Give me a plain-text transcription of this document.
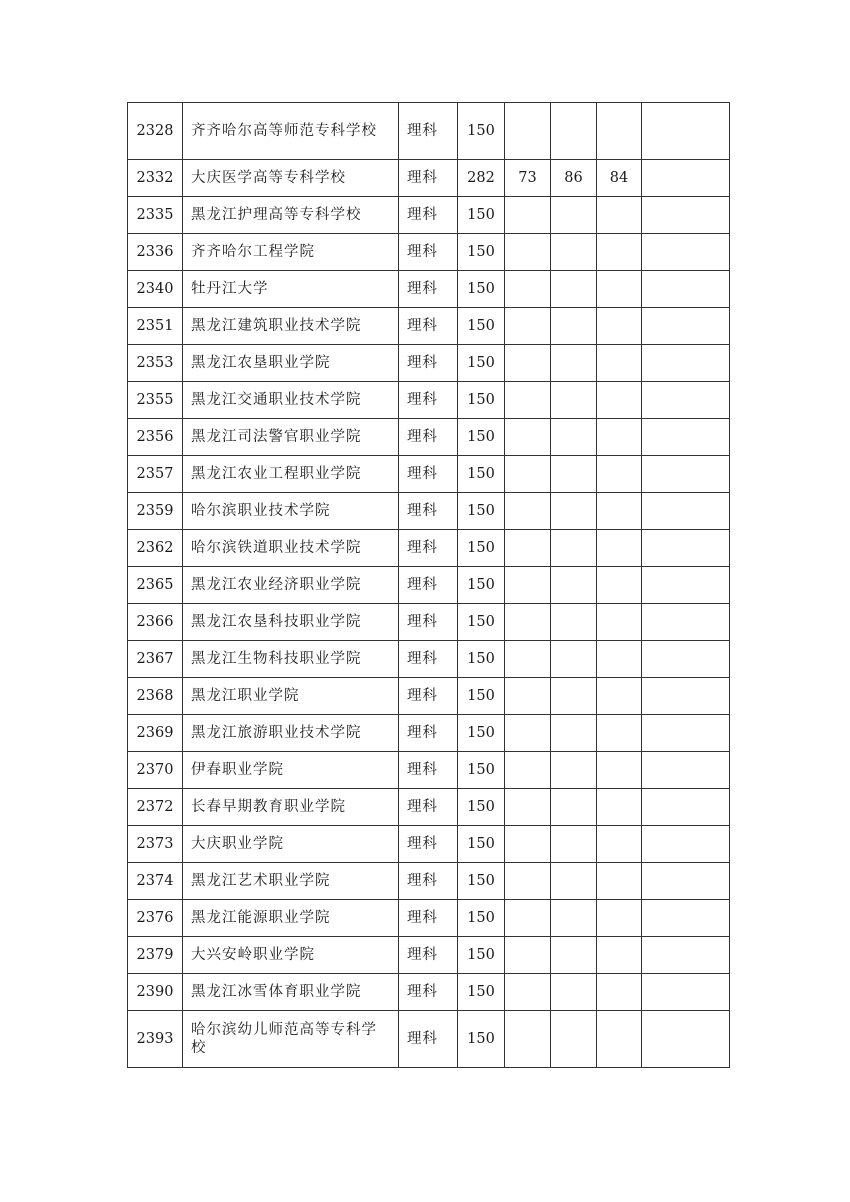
2328	齐齐哈尔高等师范专科学校	理科	150				
2332	大庆医学高等专科学校	理科	282	73	86	84	
2335	黑龙江护理高等专科学校	理科	150				
2336	齐齐哈尔工程学院	理科	150				
2340	牡丹江大学	理科	150				
2351	黑龙江建筑职业技术学院	理科	150				
2353	黑龙江农垦职业学院	理科	150				
2355	黑龙江交通职业技术学院	理科	150				
2356	黑龙江司法警官职业学院	理科	150				
2357	黑龙江农业工程职业学院	理科	150				
2359	哈尔滨职业技术学院	理科	150				
2362	哈尔滨铁道职业技术学院	理科	150				
2365	黑龙江农业经济职业学院	理科	150				
2366	黑龙江农垦科技职业学院	理科	150				
2367	黑龙江生物科技职业学院	理科	150				
2368	黑龙江职业学院	理科	150				
2369	黑龙江旅游职业技术学院	理科	150				
2370	伊春职业学院	理科	150				
2372	长春早期教育职业学院	理科	150				
2373	大庆职业学院	理科	150				
2374	黑龙江艺术职业学院	理科	150				
2376	黑龙江能源职业学院	理科	150				
2379	大兴安岭职业学院	理科	150				
2390	黑龙江冰雪体育职业学院	理科	150				
2393	哈尔滨幼儿师范高等专科学校	理科	150				
